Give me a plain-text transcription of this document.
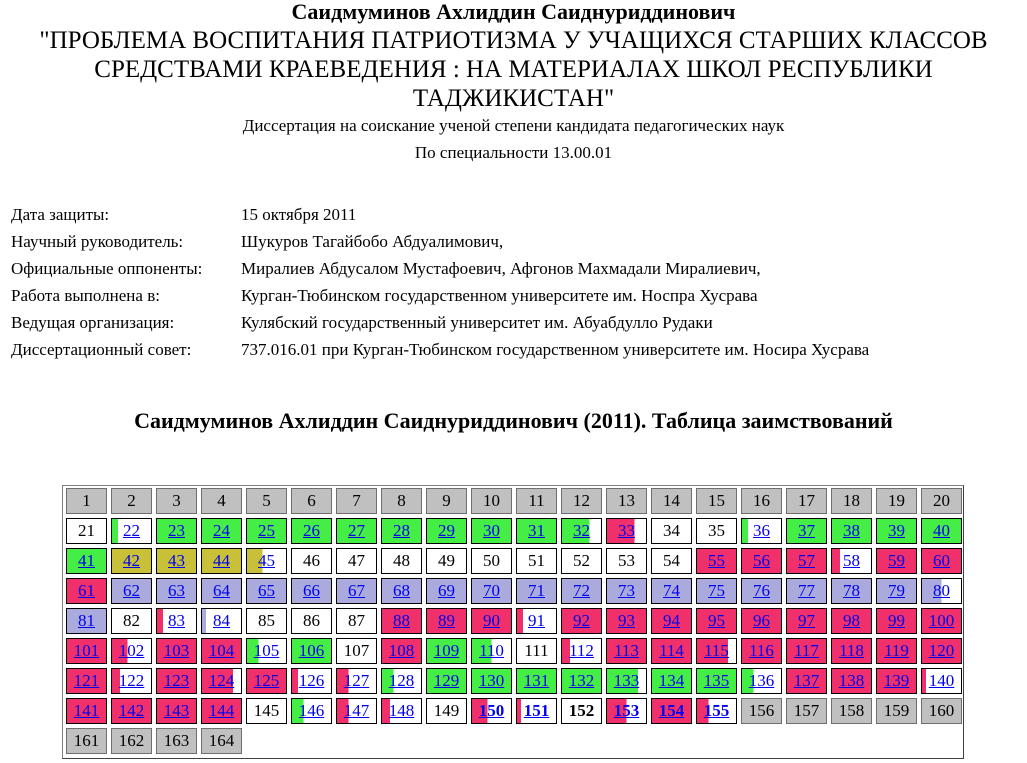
Саидмуминов Ахлиддин Саиднуриддинович
"ПРОБЛЕМА ВОСПИТАНИЯ ПАТРИОТИЗМА У УЧАЩИХСЯ СТАРШИХ КЛАССОВ СРЕДСТВАМИ КРАЕВЕДЕНИЯ : НА МАТЕРИАЛАХ ШКОЛ РЕСПУБЛИКИ ТАДЖИКИСТАН"
Диссертация на соискание ученой степени кандидата педагогических наук
По специальности 13.00.01
Дата защиты:	15 октября 2011
Научный руководитель:	Шукуров Тагайбобо Абдуалимович,
Официальные оппоненты:	Миралиев Абдусалом Мустафоевич, Афгонов Махмадали Миралиевич,
Работа выполнена в:	Курган-Тюбинском государственном университете им. Носпра Хусрава
Ведущая организация:	Кулябский государственный университет им. Абуабдулло Рудаки
Диссертационный совет:	737.016.01 при Курган-Тюбинском государственном университете им. Носира Хусрава
Саидмуминов Ахлиддин Саиднуриддинович (2011). Таблица заимствований
1	2	3	4	5	6	7	8	9	10	11	12	13	14	15	16	17	18	19	20
21	22	23	24	25	26	27	28	29	30	31	32	33	34	35	36	37	38	39	40
41	42	43	44	45	46	47	48	49	50	51	52	53	54	55	56	57	58	59	60
61	62	63	64	65	66	67	68	69	70	71	72	73	74	75	76	77	78	79	80
81	82	83	84	85	86	87	88	89	90	91	92	93	94	95	96	97	98	99	100
101	102	103	104	105	106	107	108	109	110	111	112	113	114	115	116	117	118	119	120
121	122	123	124	125	126	127	128	129	130	131	132	133	134	135	136	137	138	139	140
141	142	143	144	145	146	147	148	149	150	151	152	153	154	155	156	157	158	159	160
161	162	163	164
